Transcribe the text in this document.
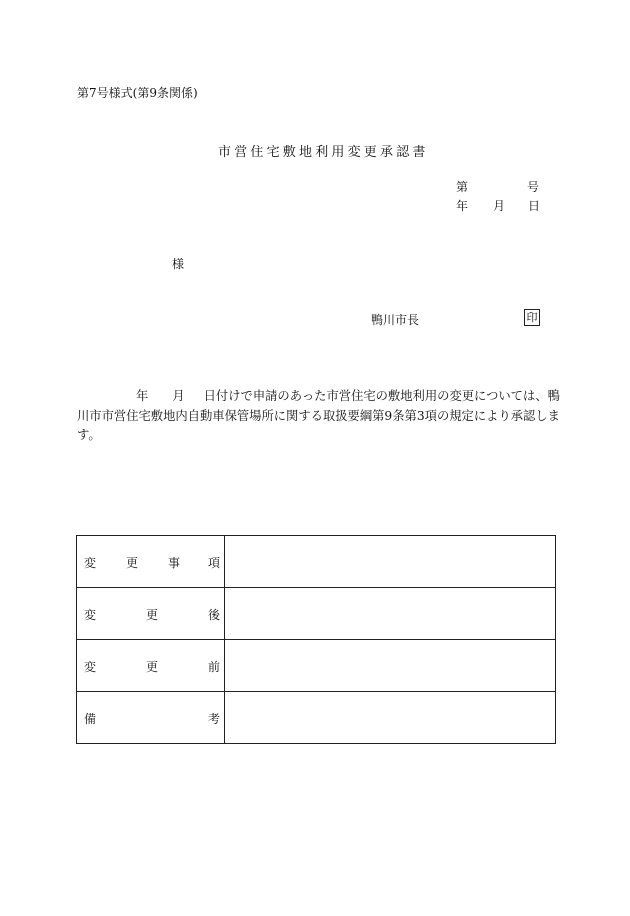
第7号様式(第9条関係)
市営住宅敷地利用変更承認書
第	号
年 月 日
様
鴨川市長	印
年 月 日付けで申請のあった市営住宅の敷地利用の変更については、鴨
川市市営住宅敷地内自動車保管場所に関する取扱要綱第9条第3項の規定により承認しま
す。
変 更 事 項	

変 更 後	

変 更 前	

備 考	
